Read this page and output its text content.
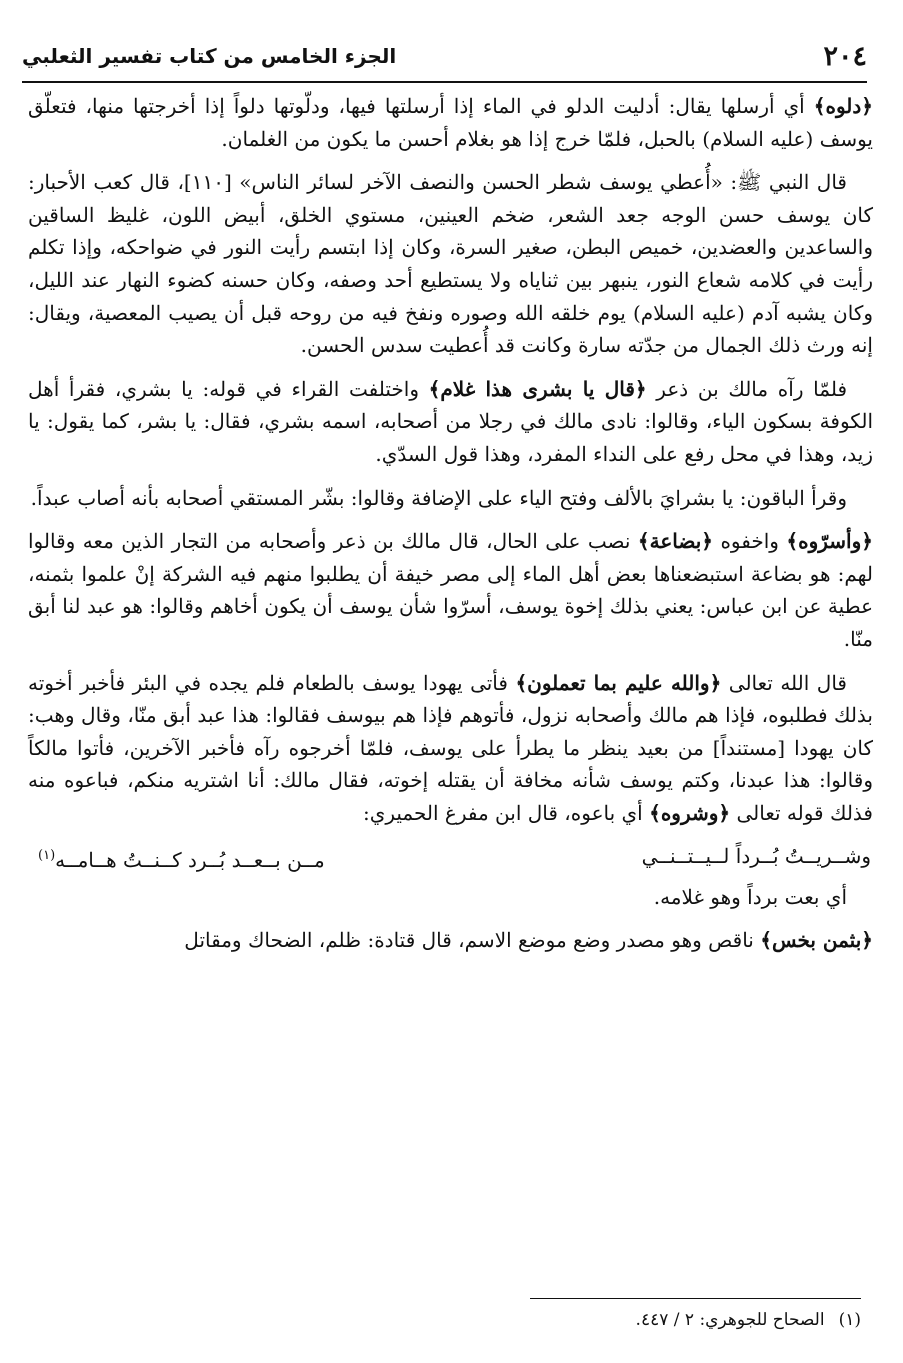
٢٠٤
الجزء الخامس من كتاب تفسير الثعلبي

﴿دلوه﴾ أي أرسلها يقال: أدليت الدلو في الماء إذا أرسلتها فيها، ودلّوتها دلواً إذا أخرجتها منها، فتعلّق يوسف (عليه السلام) بالحبل، فلمّا خرج إذا هو بغلام أحسن ما يكون من الغلمان.

قال النبي ﷺ: «أُعطي يوسف شطر الحسن والنصف الآخر لسائر الناس» [١١٠]، قال كعب الأحبار: كان يوسف حسن الوجه جعد الشعر، ضخم العينين، مستوي الخلق، أبيض اللون، غليظ الساقين والساعدين والعضدين، خميص البطن، صغير السرة، وكان إذا ابتسم رأيت النور في ضواحكه، وإذا تكلم رأيت في كلامه شعاع النور، ينبهر بين ثناياه ولا يستطيع أحد وصفه، وكان حسنه كضوء النهار عند الليل، وكان يشبه آدم (عليه السلام) يوم خلقه الله وصوره ونفخ فيه من روحه قبل أن يصيب المعصية، ويقال: إنه ورث ذلك الجمال من جدّته سارة وكانت قد أُعطيت سدس الحسن.

فلمّا رآه مالك بن ذعر ﴿قال يا بشرى هذا غلام﴾ واختلفت القراء في قوله: يا بشري، فقرأ أهل الكوفة بسكون الياء، وقالوا: نادى مالك في رجلا من أصحابه، اسمه بشري، فقال: يا بشر، كما يقول: يا زيد، وهذا في محل رفع على النداء المفرد، وهذا قول السدّي.

وقرأ الباقون: يا بشرايَ بالألف وفتح الياء على الإضافة وقالوا: بشّر المستقي أصحابه بأنه أصاب عبداً.

﴿وأسرّوه﴾ واخفوه ﴿بضاعة﴾ نصب على الحال، قال مالك بن ذعر وأصحابه من التجار الذين معه وقالوا لهم: هو بضاعة استبضعناها بعض أهل الماء إلى مصر خيفة أن يطلبوا منهم فيه الشركة إنْ علموا بثمنه، عطية عن ابن عباس: يعني بذلك إخوة يوسف، أسرّوا شأن يوسف أن يكون أخاهم وقالوا: هو عبد لنا أبق منّا.

قال الله تعالى ﴿والله عليم بما تعملون﴾ فأتى يهودا يوسف بالطعام فلم يجده في البئر فأخبر أخوته بذلك فطلبوه، فإذا هم مالك وأصحابه نزول، فأتوهم فإذا هم بيوسف فقالوا: هذا عبد أبق منّا، وقال وهب: كان يهودا [مستنداً] من بعيد ينظر ما يطرأ على يوسف، فلمّا أخرجوه رآه فأخبر الآخرين، فأتوا مالكاً وقالوا: هذا عبدنا، وكتم يوسف شأنه مخافة أن يقتله إخوته، فقال مالك: أنا اشتريه منكم، فباعوه منه فذلك قوله تعالى ﴿وشروه﴾ أي باعوه، قال ابن مفرغ الحميري:

وشــريــتُ بُــرداً لــيــتــنــي
مــن بــعــد بُــرد كــنــتُ هــامــه(١)

أي بعت برداً وهو غلامه.

﴿بثمن بخس﴾ ناقص وهو مصدر وضع موضع الاسم، قال قتادة: ظلم، الضحاك ومقاتل

(١)
الصحاح للجوهري: ٢ / ٤٤٧.
